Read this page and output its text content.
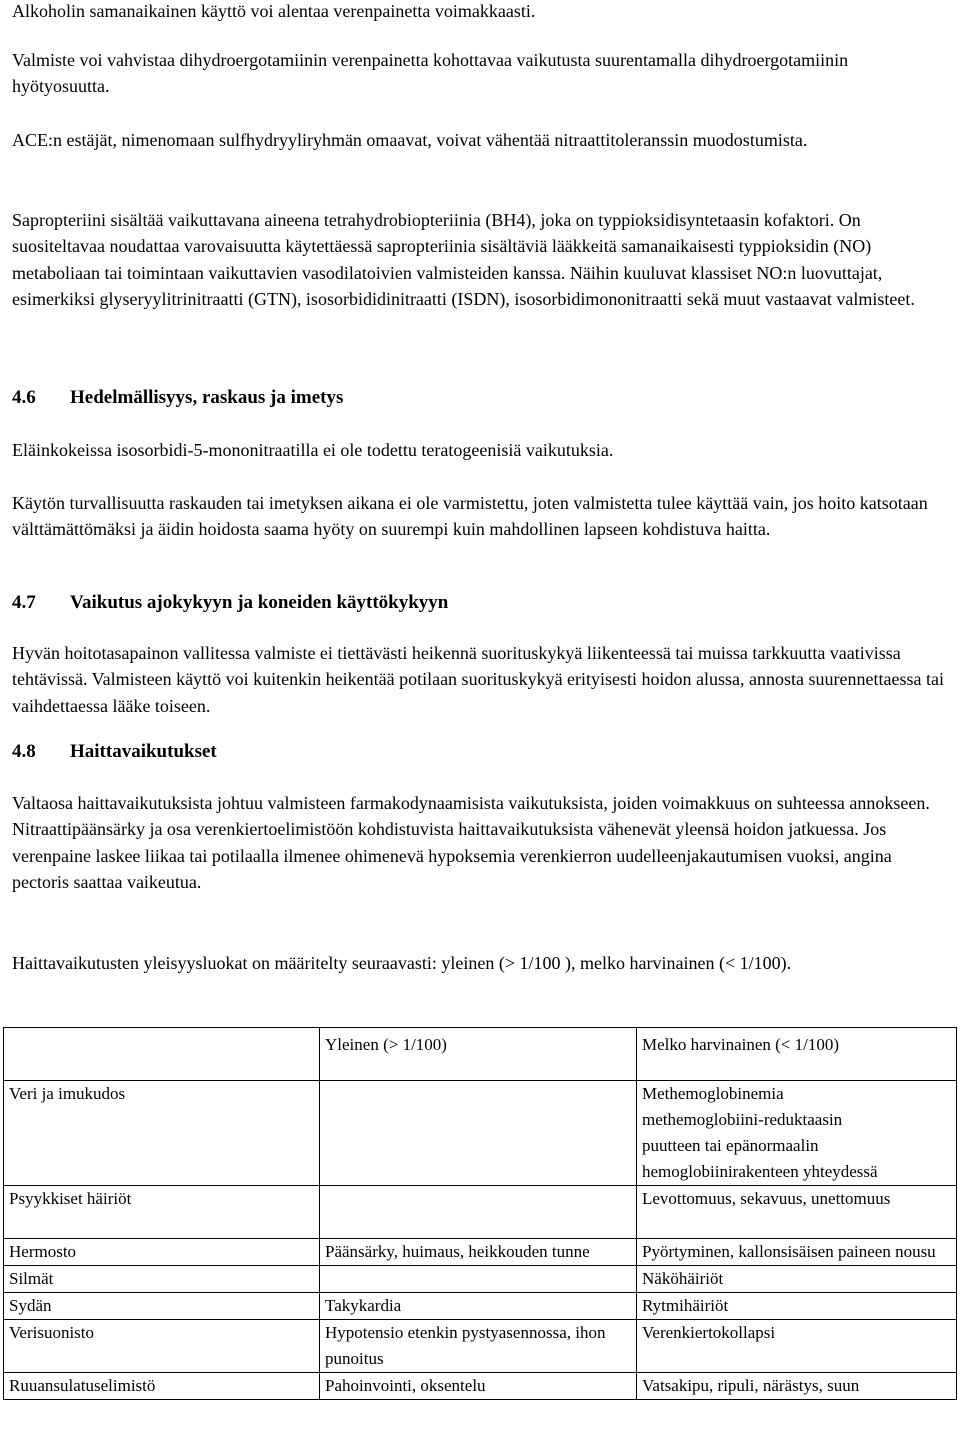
Alkoholin samanaikainen käyttö voi alentaa verenpainetta voimakkaasti.

Valmiste voi vahvistaa dihydroergotamiinin verenpainetta kohottavaa vaikutusta suurentamalla dihydroergotamiinin hyötyosuutta.

ACE:n estäjät, nimenomaan sulfhydryyliryhmän omaavat, voivat vähentää nitraattitoleranssin muodostumista.

Sapropteriini sisältää vaikuttavana aineena tetrahydrobiopteriinia (BH4), joka on typpioksidisyntetaasin kofaktori. On suositeltavaa noudattaa varovaisuutta käytettäessä sapropteriinia sisältäviä lääkkeitä samanaikaisesti typpioksidin (NO) metaboliaan tai toimintaan vaikuttavien vasodilatoivien valmisteiden kanssa. Näihin kuuluvat klassiset NO:n luovuttajat, esimerkiksi glyseryylitrinitraatti (GTN), isosorbididinitraatti (ISDN), isosorbidimononitraatti sekä muut vastaavat valmisteet.

4.6 Hedelmällisyys, raskaus ja imetys

Eläinkokeissa isosorbidi-5-mononitraatilla ei ole todettu teratogeenisiä vaikutuksia.

Käytön turvallisuutta raskauden tai imetyksen aikana ei ole varmistettu, joten valmistetta tulee käyttää vain, jos hoito katsotaan välttämättömäksi ja äidin hoidosta saama hyöty on suurempi kuin mahdollinen lapseen kohdistuva haitta.

4.7 Vaikutus ajokykyyn ja koneiden käyttökykyyn

Hyvän hoitotasapainon vallitessa valmiste ei tiettävästi heikennä suorituskykyä liikenteessä tai muissa tarkkuutta vaativissa tehtävissä. Valmisteen käyttö voi kuitenkin heikentää potilaan suorituskykyä erityisesti hoidon alussa, annosta suurennettaessa tai vaihdettaessa lääke toiseen.

4.8 Haittavaikutukset

Valtaosa haittavaikutuksista johtuu valmisteen farmakodynaamisista vaikutuksista, joiden voimakkuus on suhteessa annokseen. Nitraattipäänsärky ja osa verenkiertoelimistöön kohdistuvista haittavaikutuksista vähenevät yleensä hoidon jatkuessa. Jos verenpaine laskee liikaa tai potilaalla ilmenee ohimenevä hypoksemia verenkierron uudelleenjakautumisen vuoksi, angina pectoris saattaa vaikeutua.

Haittavaikutusten yleisyysluokat on määritelty seuraavasti: yleinen (> 1/100 ), melko harvinainen (< 1/100).

	Yleinen (> 1/100)	Melko harvinainen (< 1/100)
Veri ja imukudos		Methemoglobinemia
methemoglobiini-reduktaasin
puutteen tai epänormaalin
hemoglobiinirakenteen yhteydessä

Psyykkiset häiriöt		Levottomuus, sekavuus, unettomuus
Hermosto	Päänsärky, huimaus, heikkouden tunne	Pyörtyminen, kallonsisäisen paineen nousu
Silmät		Näköhäiriöt
Sydän	Takykardia	Rytmihäiriöt
Verisuonisto	Hypotensio etenkin pystyasennossa, ihon punoitus	Verenkiertokollapsi
Ruuansulatuselimistö	Pahoinvointi, oksentelu	Vatsakipu, ripuli, närästys, suun
